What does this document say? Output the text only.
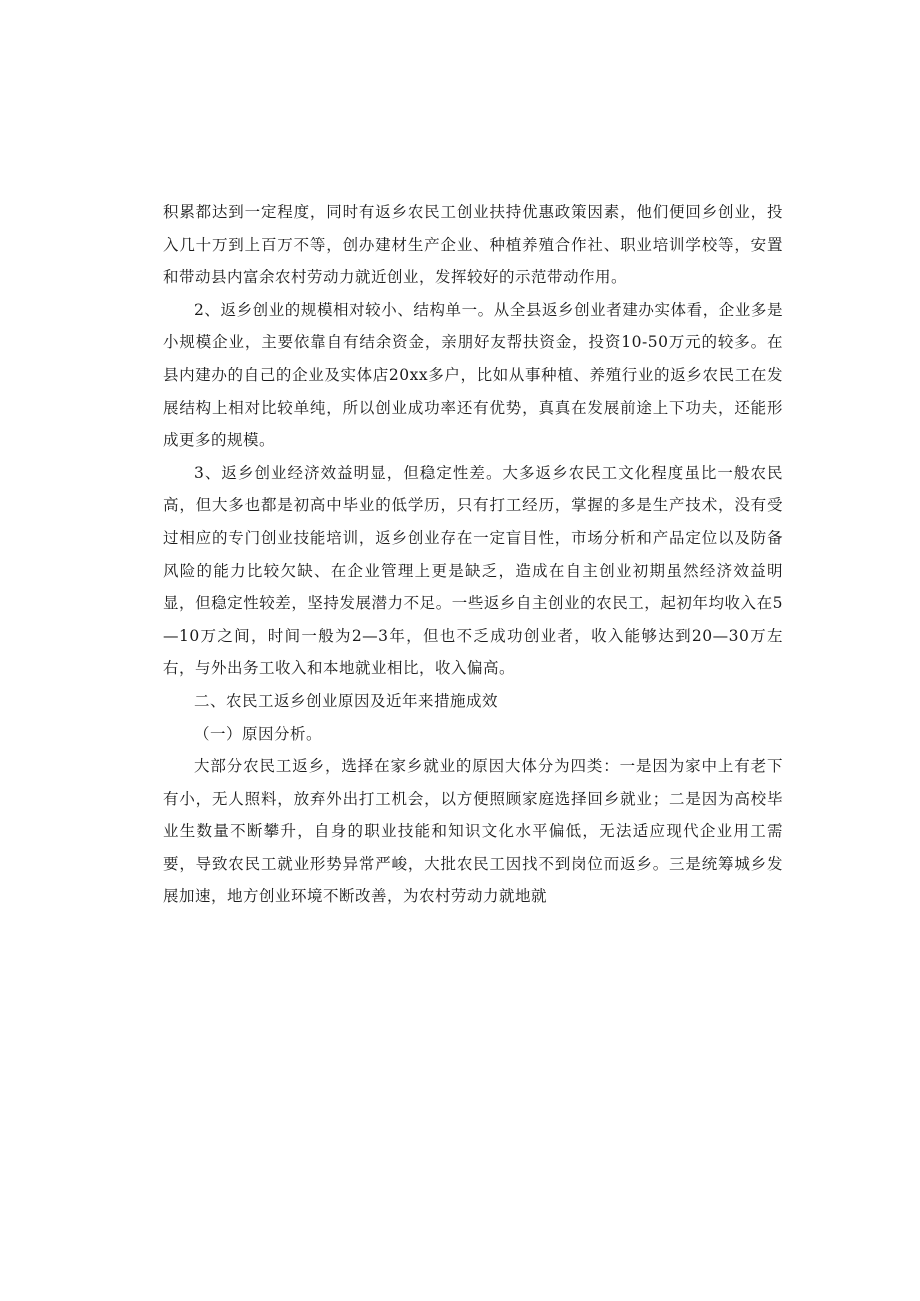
积累都达到一定程度，同时有返乡农民工创业扶持优惠政策因素，他们便回乡创业，投入几十万到上百万不等，创办建材生产企业、种植养殖合作社、职业培训学校等，安置和带动县内富余农村劳动力就近创业，发挥较好的示范带动作用。

2、返乡创业的规模相对较小、结构单一。从全县返乡创业者建办实体看，企业多是小规模企业，主要依靠自有结余资金，亲朋好友帮扶资金，投资10-50万元的较多。在县内建办的自己的企业及实体店20xx多户，比如从事种植、养殖行业的返乡农民工在发展结构上相对比较单纯，所以创业成功率还有优势，真真在发展前途上下功夫，还能形成更多的规模。

3、返乡创业经济效益明显，但稳定性差。大多返乡农民工文化程度虽比一般农民高，但大多也都是初高中毕业的低学历，只有打工经历，掌握的多是生产技术，没有受过相应的专门创业技能培训，返乡创业存在一定盲目性，市场分析和产品定位以及防备风险的能力比较欠缺、在企业管理上更是缺乏，造成在自主创业初期虽然经济效益明显，但稳定性较差，坚持发展潜力不足。一些返乡自主创业的农民工，起初年均收入在5—10万之间，时间一般为2—3年，但也不乏成功创业者，收入能够达到20—30万左右，与外出务工收入和本地就业相比，收入偏高。

二、农民工返乡创业原因及近年来措施成效

（一）原因分析。

大部分农民工返乡，选择在家乡就业的原因大体分为四类：一是因为家中上有老下有小，无人照料，放弃外出打工机会，以方便照顾家庭选择回乡就业；二是因为高校毕业生数量不断攀升，自身的职业技能和知识文化水平偏低，无法适应现代企业用工需要，导致农民工就业形势异常严峻，大批农民工因找不到岗位而返乡。三是统筹城乡发展加速，地方创业环境不断改善，为农村劳动力就地就
